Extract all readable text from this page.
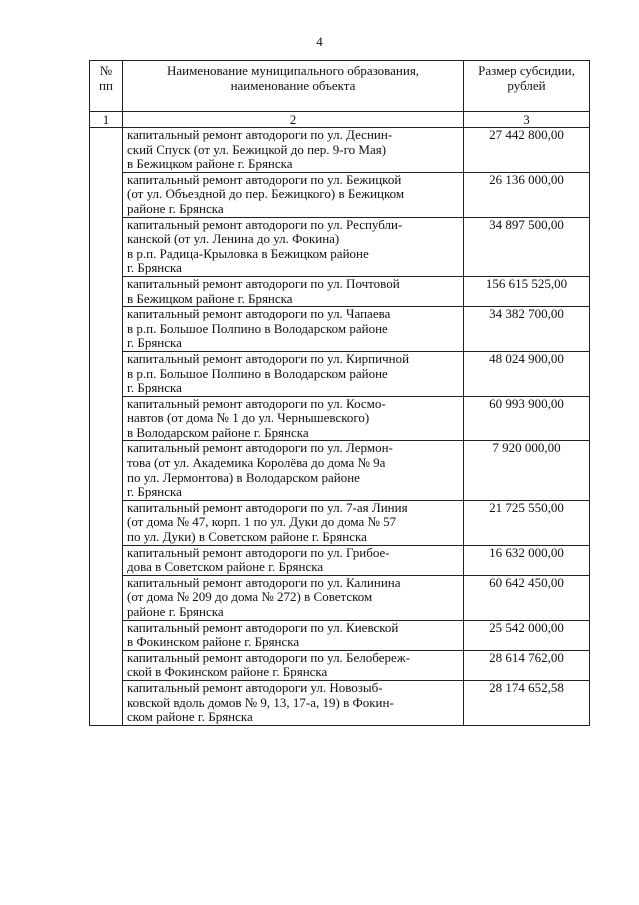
4
№ пп	Наименование муниципального образования, наименование объекта	Размер субсидии, рублей
1	2	3

	капитальный ремонт автодороги по ул. Деснин-
ский Спуск (от ул. Бежицкой до пер. 9-го Мая)
в Бежицком районе г. Брянска	27 442 800,00

	капитальный ремонт автодороги по ул. Бежицкой
(от ул. Объездной до пер. Бежицкого) в Бежицком
районе г. Брянска	26 136 000,00

	капитальный ремонт автодороги по ул. Республи-
канской (от ул. Ленина до ул. Фокина)
в р.п. Радица-Крыловка в Бежицком районе
г. Брянска	34 897 500,00

	капитальный ремонт автодороги по ул. Почтовой
в Бежицком районе г. Брянска	156 615 525,00

	капитальный ремонт автодороги по ул. Чапаева
в р.п. Большое Полпино в Володарском районе
г. Брянска	34 382 700,00

	капитальный ремонт автодороги по ул. Кирпичной
в р.п. Большое Полпино в Володарском районе
г. Брянска	48 024 900,00

	капитальный ремонт автодороги по ул. Космо-
навтов (от дома № 1 до ул. Чернышевского)
в Володарском районе г. Брянска	60 993 900,00

	капитальный ремонт автодороги по ул. Лермон-
това (от ул. Академика Королёва до дома № 9а
по ул. Лермонтова) в Володарском районе
г. Брянска	7 920 000,00

	капитальный ремонт автодороги по ул. 7-ая Линия
(от дома № 47, корп. 1 по ул. Дуки до дома № 57
по ул. Дуки) в Советском районе г. Брянска	21 725 550,00

	капитальный ремонт автодороги по ул. Грибое-
дова в Советском районе г. Брянска	16 632 000,00

	капитальный ремонт автодороги по ул. Калинина
(от дома № 209 до дома № 272) в Советском
районе г. Брянска	60 642 450,00

	капитальный ремонт автодороги по ул. Киевской
в Фокинском районе г. Брянска	25 542 000,00

	капитальный ремонт автодороги по ул. Белобереж-
ской в Фокинском районе г. Брянска	28 614 762,00

	капитальный ремонт автодороги ул. Новозыб-
ковской вдоль домов № 9, 13, 17-а, 19) в Фокин-
ском районе г. Брянска	28 174 652,58
